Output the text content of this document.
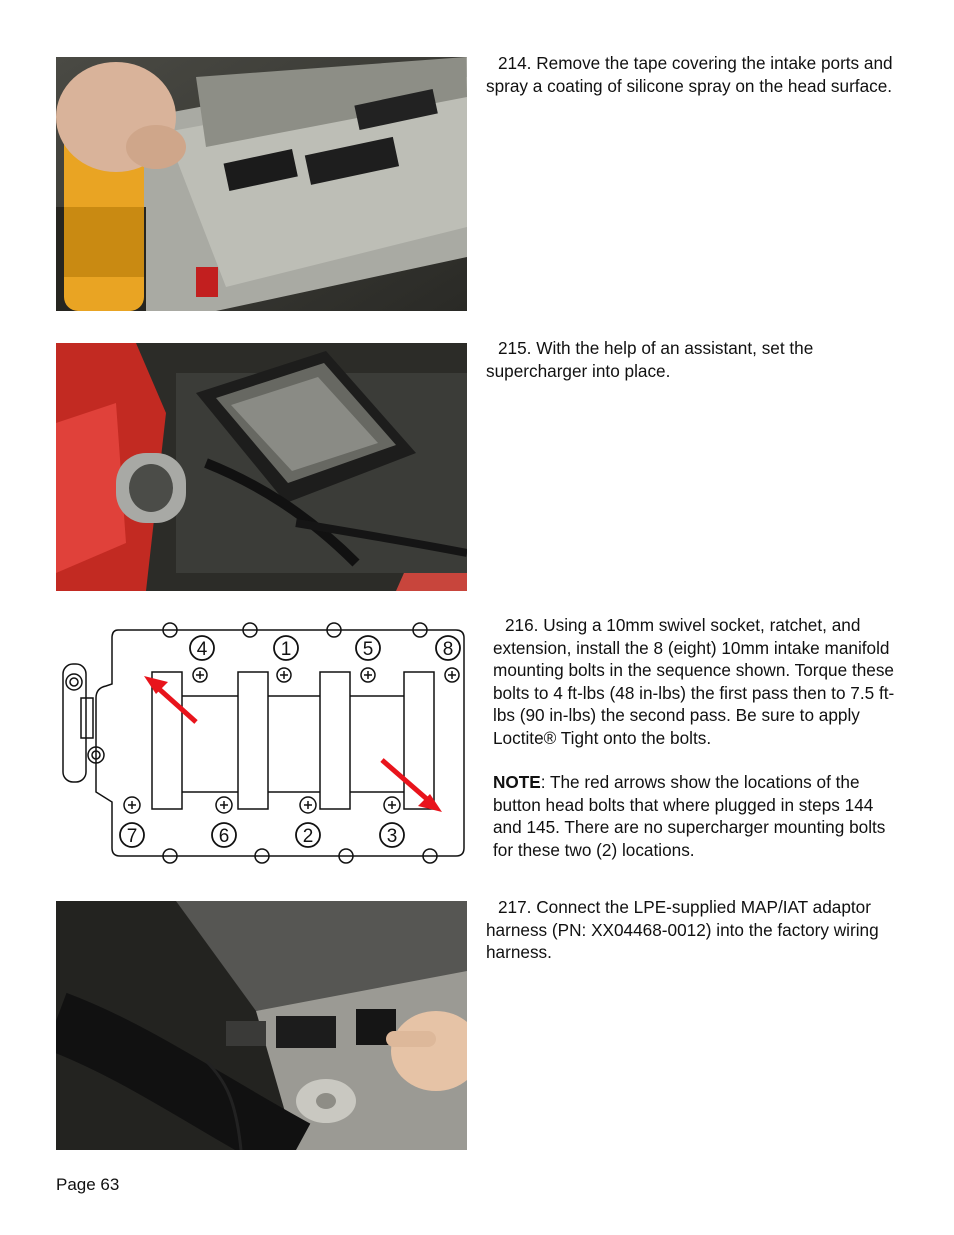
214. Remove the tape covering the intake ports and spray a coating of silicone spray on the head surface.

215. With the help of an assistant, set the supercharger into place.

4	1	5	8
7	6	2	3

216. Using a 10mm swivel socket, ratchet, and extension, install the 8 (eight) 10mm intake manifold mounting bolts in the sequence shown. Torque these bolts to 4 ft-lbs (48 in-lbs) the first pass then to 7.5 ft-lbs (90 in-lbs) the second pass. Be sure to apply Loctite® Tight onto the bolts.

NOTE: The red arrows show the locations of the button head bolts that where plugged in steps 144 and 145. There are no supercharger mounting bolts for these two (2) locations.

217. Connect the LPE-supplied MAP/IAT adaptor harness (PN: XX04468-0012) into the factory wiring harness.

Page 63
